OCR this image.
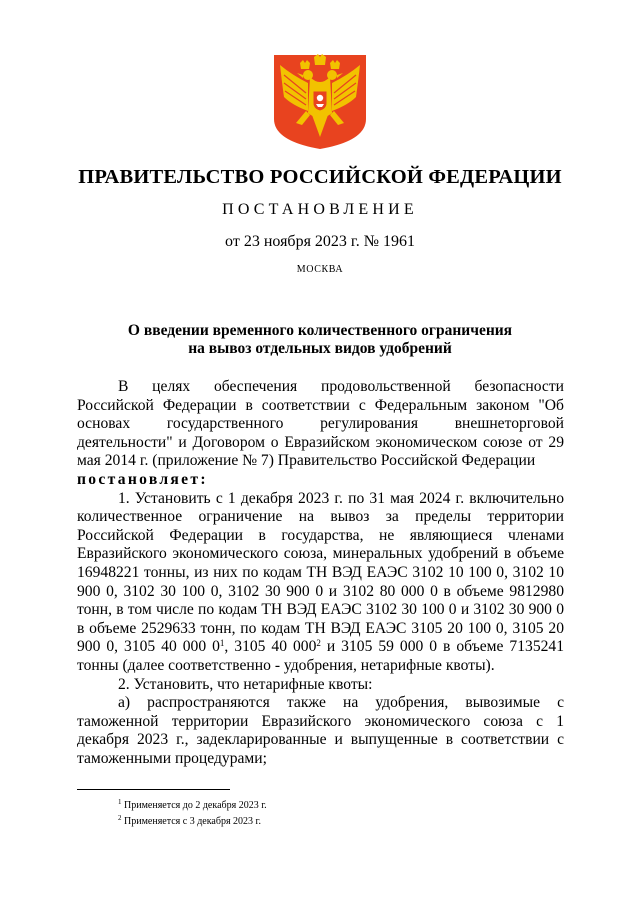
ПРАВИТЕЛЬСТВО РОССИЙСКОЙ ФЕДЕРАЦИИ
ПОСТАНОВЛЕНИЕ
от 23 ноября 2023 г. № 1961
МОСКВА
О введении временного количественного ограничения
на вывоз отдельных видов удобрений

В целях обеспечения продовольственной безопасности Российской Федерации в соответствии с Федеральным законом "Об основах государственного регулирования внешнеторговой деятельности" и Договором о Евразийском экономическом союзе от 29 мая 2014 г. (приложение № 7) Правительство Российской Федерации

постановляет:

1. Установить с 1 декабря 2023 г. по 31 мая 2024 г. включительно количественное ограничение на вывоз за пределы территории Российской Федерации в государства, не являющиеся членами Евразийского экономического союза, минеральных удобрений в объеме 16948221 тонны, из них по кодам ТН ВЭД ЕАЭС 3102 10 100 0, 3102 10 900 0, 3102 30 100 0, 3102 30 900 0 и 3102 80 000 0 в объеме 9812980 тонн, в том числе по кодам ТН ВЭД ЕАЭС 3102 30 100 0 и 3102 30 900 0 в объеме 2529633 тонн, по кодам ТН ВЭД ЕАЭС 3105 20 100 0, 3105 20 900 0, 3105 40 000 $0^1$, 3105 40 $000^2$ и 3105 59 000 0 в объеме 7135241 тонны (далее соответственно - удобрения, нетарифные квоты).

2. Установить, что нетарифные квоты:

а) распространяются также на удобрения, вывозимые с таможенной территории Евразийского экономического союза с 1 декабря 2023 г., задекларированные и выпущенные в соответствии с таможенными процедурами;

$^1$ Применяется до 2 декабря 2023 г.
$^2$ Применяется с 3 декабря 2023 г.
